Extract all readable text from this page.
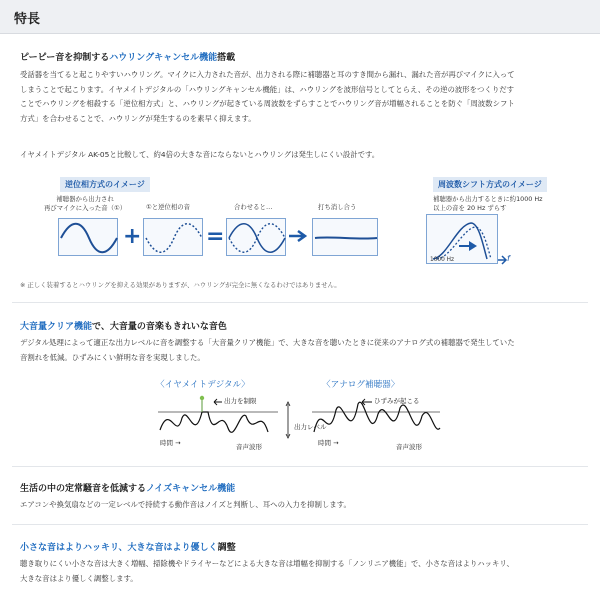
特長
ピーピー音を抑制するハウリングキャンセル機能搭載
受話器を当てると起こりやすいハウリング。マイクに入力された音が、出力される際に補聴器と耳のすき間から漏れ、漏れた音が再びマイクに入って
しまうことで起こります。イヤメイトデジタルの「ハウリングキャンセル機能」は、ハウリングを波形信号としてとらえ、その逆の波形をつくりだす
ことでハウリングを相殺する「逆位相方式」と、ハウリングが起きている周波数をずらすことでハウリング音が増幅されることを防ぐ「周波数シフト
方式」を合わせることで、ハウリングが発生するのを素早く抑えます。
イヤメイトデジタル AK-05と比較して、約4倍の大きな音にならないとハウリングは発生しにくい設計です。
逆位相方式のイメージ
補聴器から出力され
再びマイクに入った音（①）	①と逆位相の音	合わせると…	打ち消し合う
+	=
周波数シフト方式のイメージ
補聴器から出力するときに約1000 Hz
以上の音を 20 Hz ずらす
1000 Hz	f
※ 正しく装着するとハウリングを抑える効果がありますが、ハウリングが完全に無くなるわけではありません。
大音量クリア機能で、大音量の音楽もきれいな音色
デジタル処理によって適正な出力レベルに音を調整する「大音量クリア機能」で、大きな音を聴いたときに従来のアナログ式の補聴器で発生していた
音割れを低減。ひずみにくい鮮明な音を実現しました。
〈イヤメイトデジタル〉	〈アナログ補聴器〉
出力を制限	ひずみが起こる
出力レベル
時間 →	音声波形	時間 →	音声波形
生活の中の定常騒音を低減するノイズキャンセル機能
エアコンや換気扇などの一定レベルで持続する動作音はノイズと判断し、耳への入力を抑制します。
小さな音はよりハッキリ、大きな音はより優しく調整
聴き取りにくい小さな音は大きく増幅、掃除機やドライヤーなどによる大きな音は増幅を抑制する「ノンリニア機能」で、小さな音はよりハッキリ、
大きな音はより優しく調整します。
